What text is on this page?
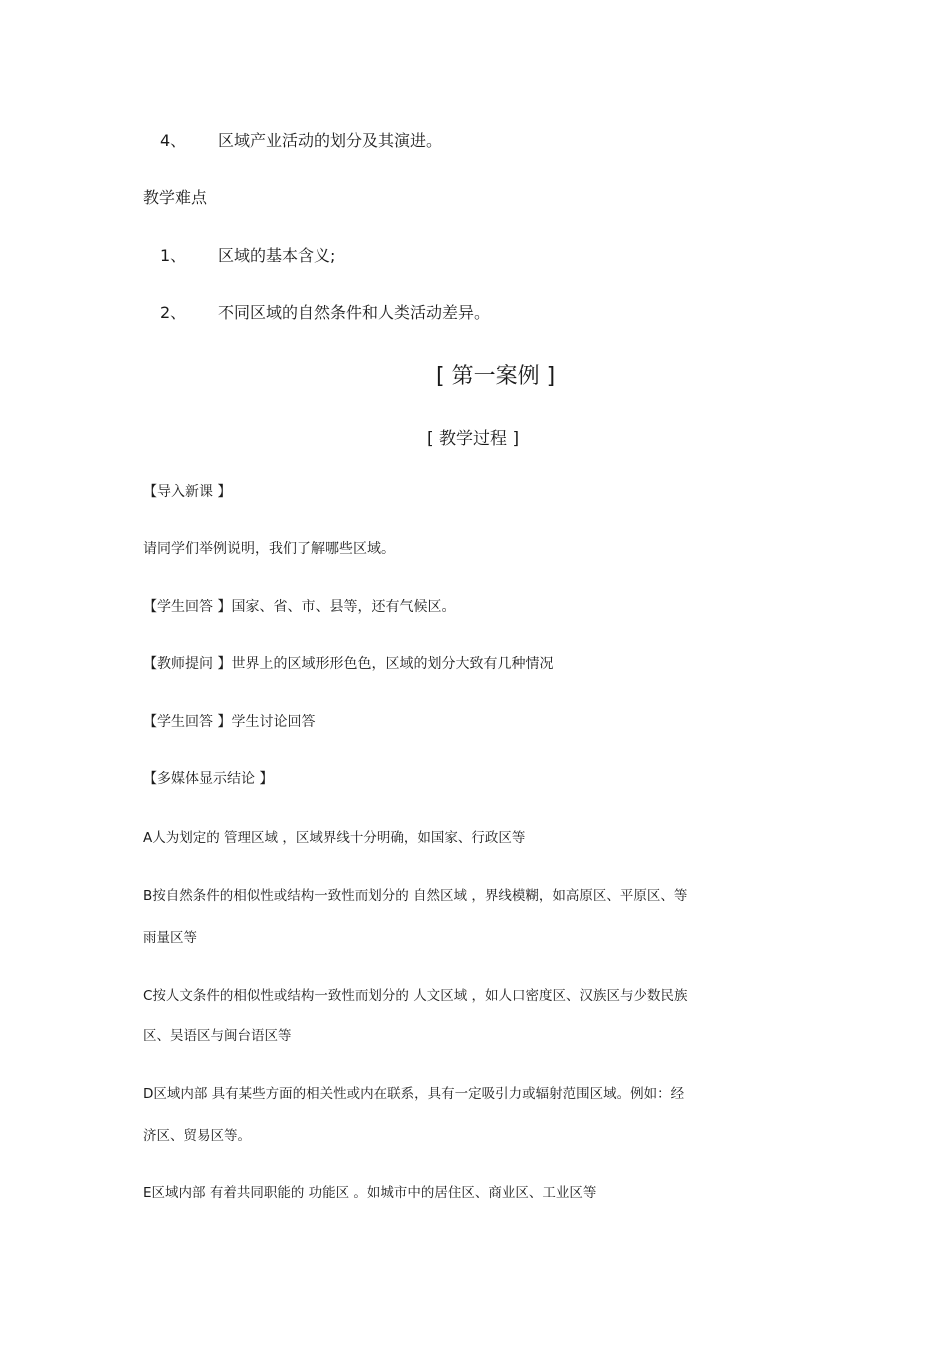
4、 区域产业活动的划分及其演进。
教学难点
1、 区域的基本含义;
2、 不同区域的自然条件和人类活动差异。
[ 第一案例 ]
[ 教学过程 ]
【导入新课 】
请同学们举例说明，我们了解哪些区域。
【学生回答 】国家、省、市、县等，还有气候区。
【教师提问 】世界上的区域形形色色，区域的划分大致有几种情况
【学生回答 】学生讨论回答
【多媒体显示结论 】
A人为划定的 管理区域 ，区域界线十分明确，如国家、行政区等
B按自然条件的相似性或结构一致性而划分的 自然区域 ，界线模糊，如高原区、平原区、等
雨量区等
C按人文条件的相似性或结构一致性而划分的 人文区域 ，如人口密度区、汉族区与少数民族
区、吴语区与闽台语区等
D区域内部 具有某些方面的相关性或内在联系，具有一定吸引力或辐射范围区域。例如：经
济区、贸易区等。
E区域内部 有着共同职能的 功能区 。如城市中的居住区、商业区、工业区等
